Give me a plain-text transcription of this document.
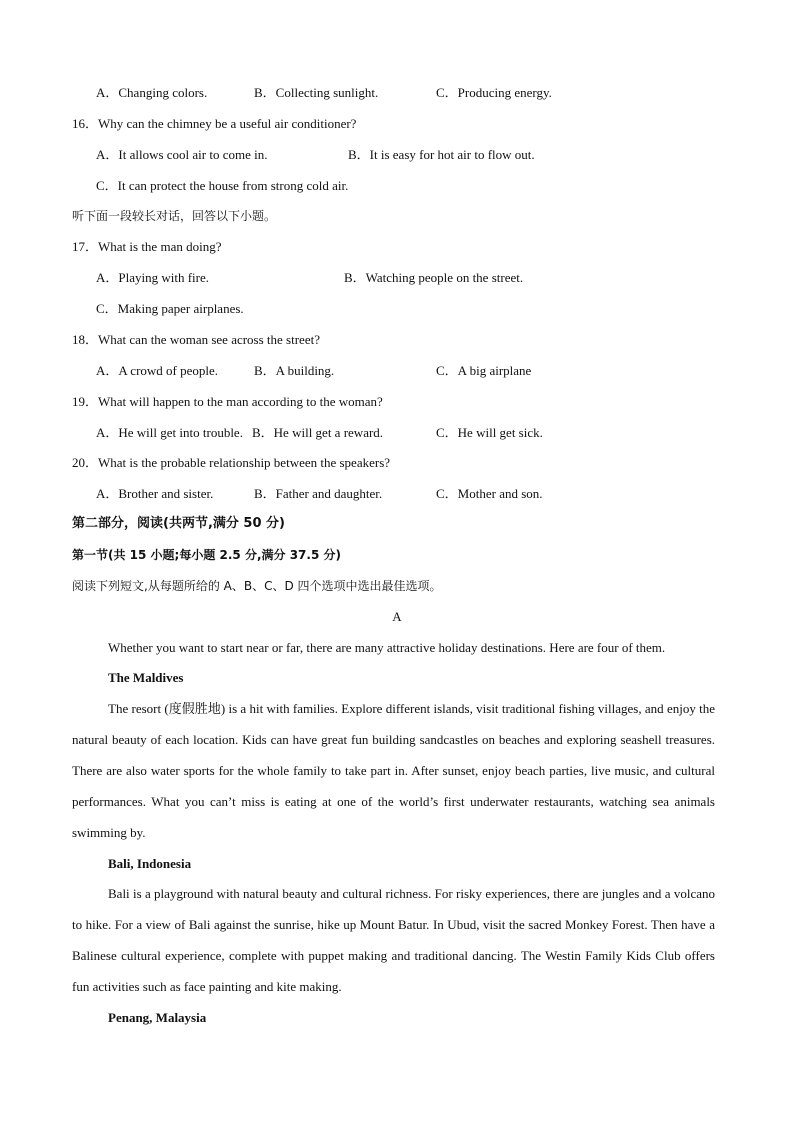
A．Changing colors.	B．Collecting sunlight.	C．Producing energy.
16．Why can the chimney be a useful air conditioner?
A．It allows cool air to come in.	B．It is easy for hot air to flow out.
C．It can protect the house from strong cold air.
听下面一段较长对话，回答以下小题。
17．What is the man doing?
A．Playing with fire.	B．Watching people on the street.
C．Making paper airplanes.
18．What can the woman see across the street?
A．A crowd of people.	B．A building.	C．A big airplane
19．What will happen to the man according to the woman?
A．He will get into trouble. B．He will get a reward.	C．He will get sick.
20．What is the probable relationship between the speakers?
A．Brother and sister.	B．Father and daughter.	C．Mother and son.
第二部分，阅读(共两节,满分 50 分)
第一节(共 15 小题;每小题 2.5 分,满分 37.5 分)
阅读下列短文,从每题所给的 A、B、C、D 四个选项中选出最佳选项。
A
Whether you want to start near or far, there are many attractive holiday destinations. Here are four of them.
The Maldives
The resort (度假胜地) is a hit with families. Explore different islands, visit traditional fishing villages, and enjoy the natural beauty of each location. Kids can have great fun building sandcastles on beaches and exploring seashell treasures. There are also water sports for the whole family to take part in. After sunset, enjoy beach parties, live music, and cultural performances. What you can’t miss is eating at one of the world’s first underwater restaurants, watching sea animals swimming by.
Bali, Indonesia
Bali is a playground with natural beauty and cultural richness. For risky experiences, there are jungles and a volcano to hike. For a view of Bali against the sunrise, hike up Mount Batur. In Ubud, visit the sacred Monkey Forest. Then have a Balinese cultural experience, complete with puppet making and traditional dancing. The Westin Family Kids Club offers fun activities such as face painting and kite making.
Penang, Malaysia
